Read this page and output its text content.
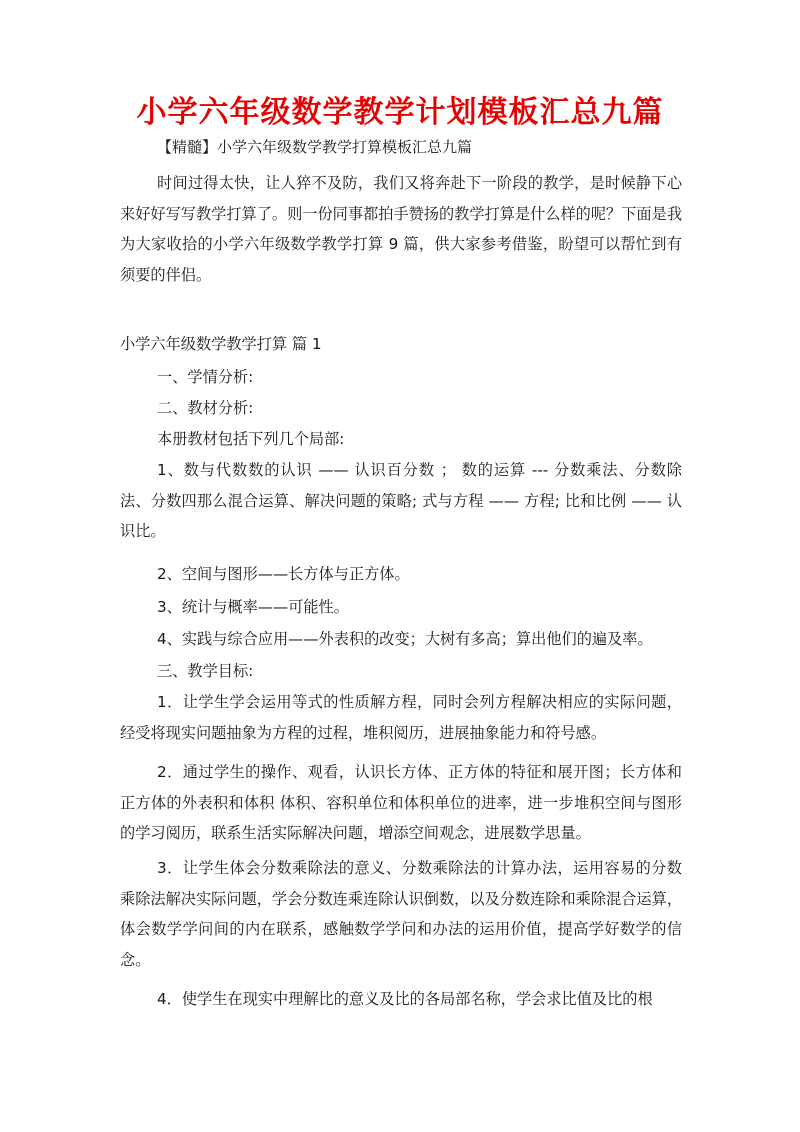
小学六年级数学教学计划模板汇总九篇

【精髓】小学六年级数学教学打算模板汇总九篇

时间过得太快，让人猝不及防，我们又将奔赴下一阶段的教学，是时候静下心来好好写写教学打算了。则一份同事都拍手赞扬的教学打算是什么样的呢？下面是我为大家收拾的小学六年级数学教学打算 9 篇，供大家参考借鉴，盼望可以帮忙到有须要的伴侣。

小学六年级数学教学打算 篇 1

一、学情分析:

二、教材分析:

本册教材包括下列几个局部:

1、数与代数数的认识 —— 认识百分数 ； 数的运算 --- 分数乘法、分数除法、分数四那么混合运算、解决问题的策略; 式与方程 —— 方程; 比和比例 —— 认识比。

2、空间与图形——长方体与正方体。

3、统计与概率——可能性。

4、实践与综合应用——外表积的改变；大树有多高；算出他们的遍及率。

三、教学目标:

1．让学生学会运用等式的性质解方程，同时会列方程解决相应的实际问题，经受将现实问题抽象为方程的过程，堆积阅历，进展抽象能力和符号感。

2．通过学生的操作、观看，认识长方体、正方体的特征和展开图；长方体和正方体的外表积和体积 体积、容积单位和体积单位的进率，进一步堆积空间与图形的学习阅历，联系生活实际解决问题，增添空间观念，进展数学思量。

3．让学生体会分数乘除法的意义、分数乘除法的计算办法，运用容易的分数乘除法解决实际问题，学会分数连乘连除认识倒数，以及分数连除和乘除混合运算，体会数学学问间的内在联系，感触数学学问和办法的运用价值，提高学好数学的信念。

4．使学生在现实中理解比的意义及比的各局部名称，学会求比值及比的根
